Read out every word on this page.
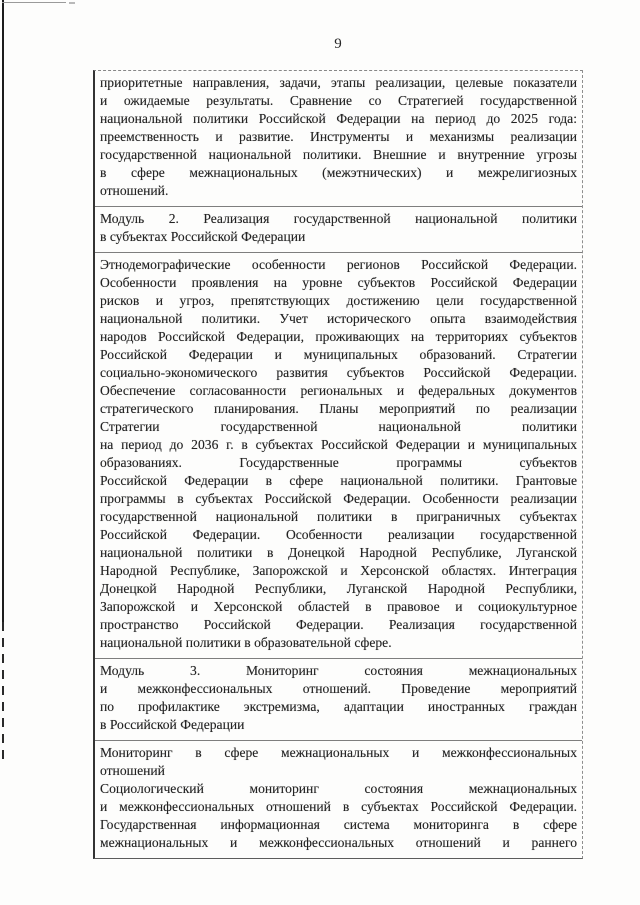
9
приоритетные направления, задачи, этапы реализации, целевые показатели
и ожидаемые результаты. Сравнение со Стратегией государственной
национальной политики Российской Федерации на период до 2025 года:
преемственность и развитие. Инструменты и механизмы реализации
государственной национальной политики. Внешние и внутренние угрозы
в сфере межнациональных (межэтнических) и межрелигиозных
отношений.
Модуль 2. Реализация государственной национальной политики
в субъектах Российской Федерации
Этнодемографические особенности регионов Российской Федерации.
Особенности проявления на уровне субъектов Российской Федерации
рисков и угроз, препятствующих достижению цели государственной
национальной политики. Учет исторического опыта взаимодействия
народов Российской Федерации, проживающих на территориях субъектов
Российской Федерации и муниципальных образований. Стратегии
социально-экономического развития субъектов Российской Федерации.
Обеспечение согласованности региональных и федеральных документов
стратегического планирования. Планы мероприятий по реализации
Стратегии государственной национальной политики
на период до 2036 г. в субъектах Российской Федерации и муниципальных
образованиях. Государственные программы субъектов
Российской Федерации в сфере национальной политики. Грантовые
программы в субъектах Российской Федерации. Особенности реализации
государственной национальной политики в приграничных субъектах
Российской Федерации. Особенности реализации государственной
национальной политики в Донецкой Народной Республике, Луганской
Народной Республике, Запорожской и Херсонской областях. Интеграция
Донецкой Народной Республики, Луганской Народной Республики,
Запорожской и Херсонской областей в правовое и социокультурное
пространство Российской Федерации. Реализация государственной
национальной политики в образовательной сфере.
Модуль 3. Мониторинг состояния межнациональных
и межконфессиональных отношений. Проведение мероприятий
по профилактике экстремизма, адаптации иностранных граждан
в Российской Федерации
Мониторинг в сфере межнациональных и межконфессиональных
отношений
Социологический мониторинг состояния межнациональных
и межконфессиональных отношений в субъектах Российской Федерации.
Государственная информационная система мониторинга в сфере
межнациональных и межконфессиональных отношений и раннего
